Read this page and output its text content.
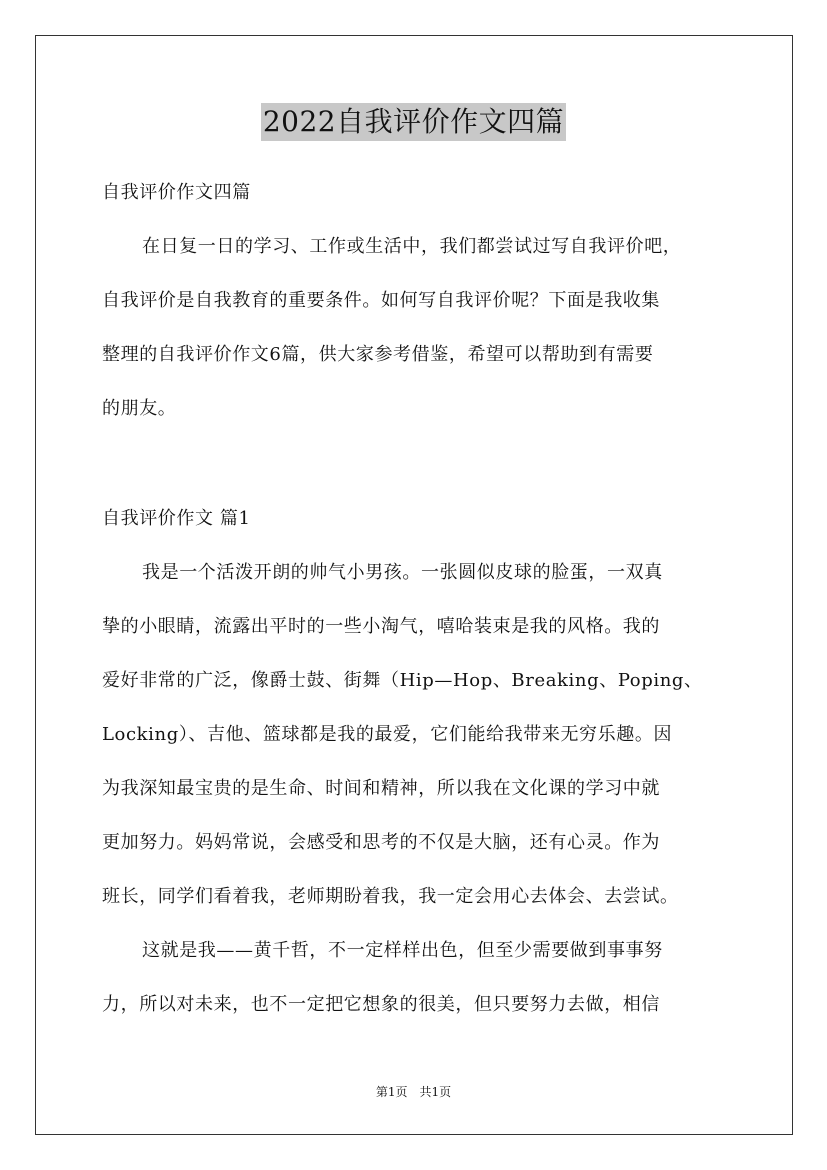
2022自我评价作文四篇
自我评价作文四篇
在日复一日的学习、工作或生活中，我们都尝试过写自我评价吧，
自我评价是自我教育的重要条件。如何写自我评价呢？下面是我收集
整理的自我评价作文6篇，供大家参考借鉴，希望可以帮助到有需要
的朋友。
自我评价作文 篇1
我是一个活泼开朗的帅气小男孩。一张圆似皮球的脸蛋，一双真
挚的小眼睛，流露出平时的一些小淘气，嘻哈装束是我的风格。我的
爱好非常的广泛，像爵士鼓、街舞（Hip—Hop、Breaking、Poping、
Locking）、吉他、篮球都是我的最爱，它们能给我带来无穷乐趣。因
为我深知最宝贵的是生命、时间和精神，所以我在文化课的学习中就
更加努力。妈妈常说，会感受和思考的不仅是大脑，还有心灵。作为
班长，同学们看着我，老师期盼着我，我一定会用心去体会、去尝试。
这就是我——黄千哲，不一定样样出色，但至少需要做到事事努
力，所以对未来，也不一定把它想象的很美，但只要努力去做，相信
第1页 共1页
